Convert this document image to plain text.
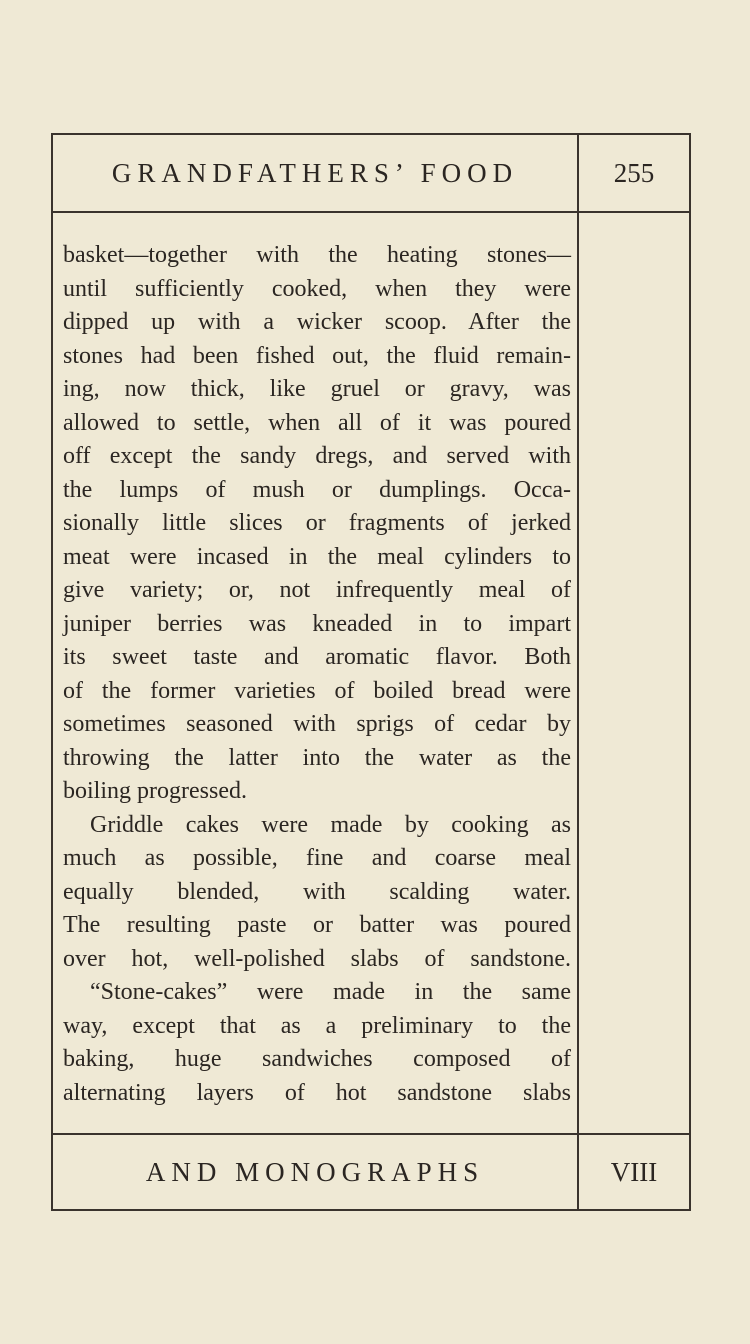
GRANDFATHERS’ FOOD	255
basket—together with the heating stones—
until sufficiently cooked, when they were
dipped up with a wicker scoop. After the
stones had been fished out, the fluid remain-
ing, now thick, like gruel or gravy, was
allowed to settle, when all of it was poured
off except the sandy dregs, and served with
the lumps of mush or dumplings. Occa-
sionally little slices or fragments of jerked
meat were incased in the meal cylinders to
give variety; or, not infrequently meal of
juniper berries was kneaded in to impart
its sweet taste and aromatic flavor. Both
of the former varieties of boiled bread were
sometimes seasoned with sprigs of cedar by
throwing the latter into the water as the
boiling progressed.
Griddle cakes were made by cooking as
much as possible, fine and coarse meal
equally blended, with scalding water.
The resulting paste or batter was poured
over hot, well-polished slabs of sandstone.
“Stone-cakes” were made in the same
way, except that as a preliminary to the
baking, huge sandwiches composed of
alternating layers of hot sandstone slabs
AND MONOGRAPHS	VIII
